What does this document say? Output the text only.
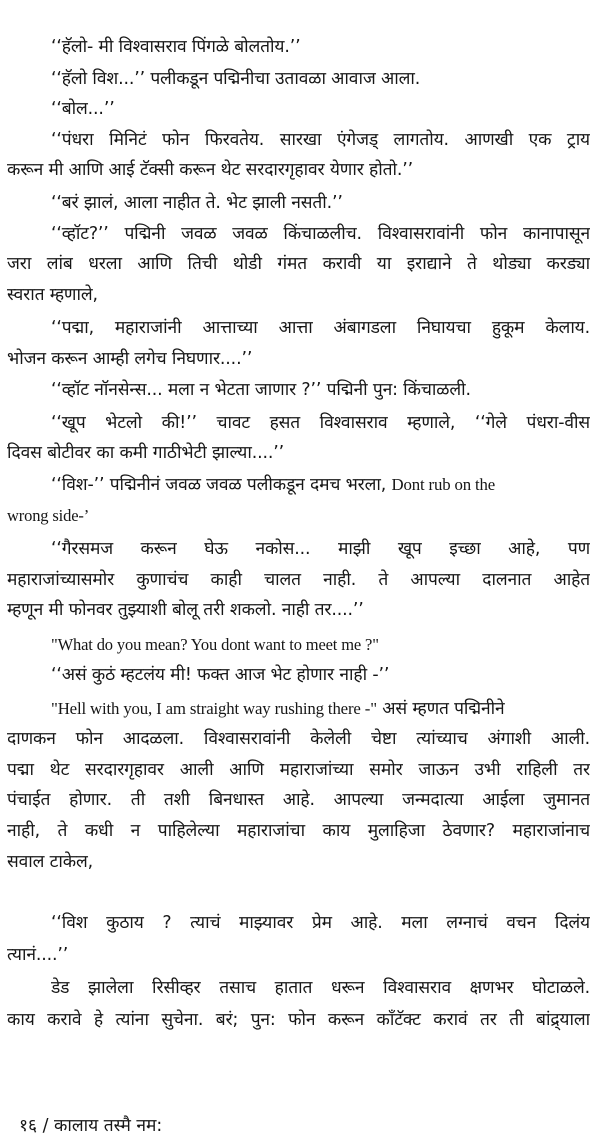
‘‘हॅलो- मी विश्वासराव पिंगळे बोलतोय.’’

‘‘हॅलो विश...’’ पलीकडून पद्मिनीचा उतावळा आवाज आला.

‘‘बोल...’’

‘‘पंधरा मिनिटं फोन फिरवतेय. सारखा एंगेजड् लागतोय. आणखी एक ट्राय

करून मी आणि आई टॅक्सी करून थेट सरदारगृहावर येणार होतो.’’

‘‘बरं झालं, आला नाहीत ते. भेट झाली नसती.’’

‘‘व्हॉट?’’ पद्मिनी जवळ जवळ किंचाळलीच. विश्वासरावांनी फोन कानापासून

जरा लांब धरला आणि तिची थोडी गंमत करावी या इराद्याने ते थोड्या करड्या

स्वरात म्हणाले,

‘‘पद्मा, महाराजांनी आत्ताच्या आत्ता अंबागडला निघायचा हुकूम केलाय.

भोजन करून आम्ही लगेच निघणार....’’

‘‘व्हॉट नॉनसेन्स... मला न भेटता जाणार ?’’ पद्मिनी पुन: किंचाळली.

‘‘खूप भेटलो की!’’ चावट हसत विश्वासराव म्हणाले, ‘‘गेले पंधरा-वीस

दिवस बोटीवर का कमी गाठीभेटी झाल्या....’’

‘‘विश-’’ पद्मिनीनं जवळ जवळ पलीकडून दमच भरला, Dont rub on the

wrong side-’

‘‘गैरसमज करून घेऊ नकोस... माझी खूप इच्छा आहे, पण

महाराजांच्यासमोर कुणाचंच काही चालत नाही. ते आपल्या दालनात आहेत

म्हणून मी फोनवर तुझ्याशी बोलू तरी शकलो. नाही तर....’’

"What do you mean? You dont want to meet me ?"

‘‘असं कुठं म्हटलंय मी! फक्त आज भेट होणार नाही -’’

"Hell with you, I am straight way rushing there -" असं म्हणत पद्मिनीने

दाणकन फोन आदळला. विश्वासरावांनी केलेली चेष्टा त्यांच्याच अंगाशी आली.

पद्मा थेट सरदारगृहावर आली आणि महाराजांच्या समोर जाऊन उभी राहिली तर

पंचाईत होणार. ती तशी बिनधास्त आहे. आपल्या जन्मदात्या आईला जुमानत

नाही, ते कधी न पाहिलेल्या महाराजांचा काय मुलाहिजा ठेवणार? महाराजांनाच

सवाल टाकेल,

‘‘विश कुठाय ? त्याचं माझ्यावर प्रेम आहे. मला लग्नाचं वचन दिलंय

त्यानं....’’

डेड झालेला रिसीव्हर तसाच हातात धरून विश्वासराव क्षणभर घोटाळले.

काय करावे हे त्यांना सुचेना. बरं; पुन: फोन करून कॉंटॅक्ट करावं तर ती बांद्र्याला

१६ / कालाय तस्मै नम:
